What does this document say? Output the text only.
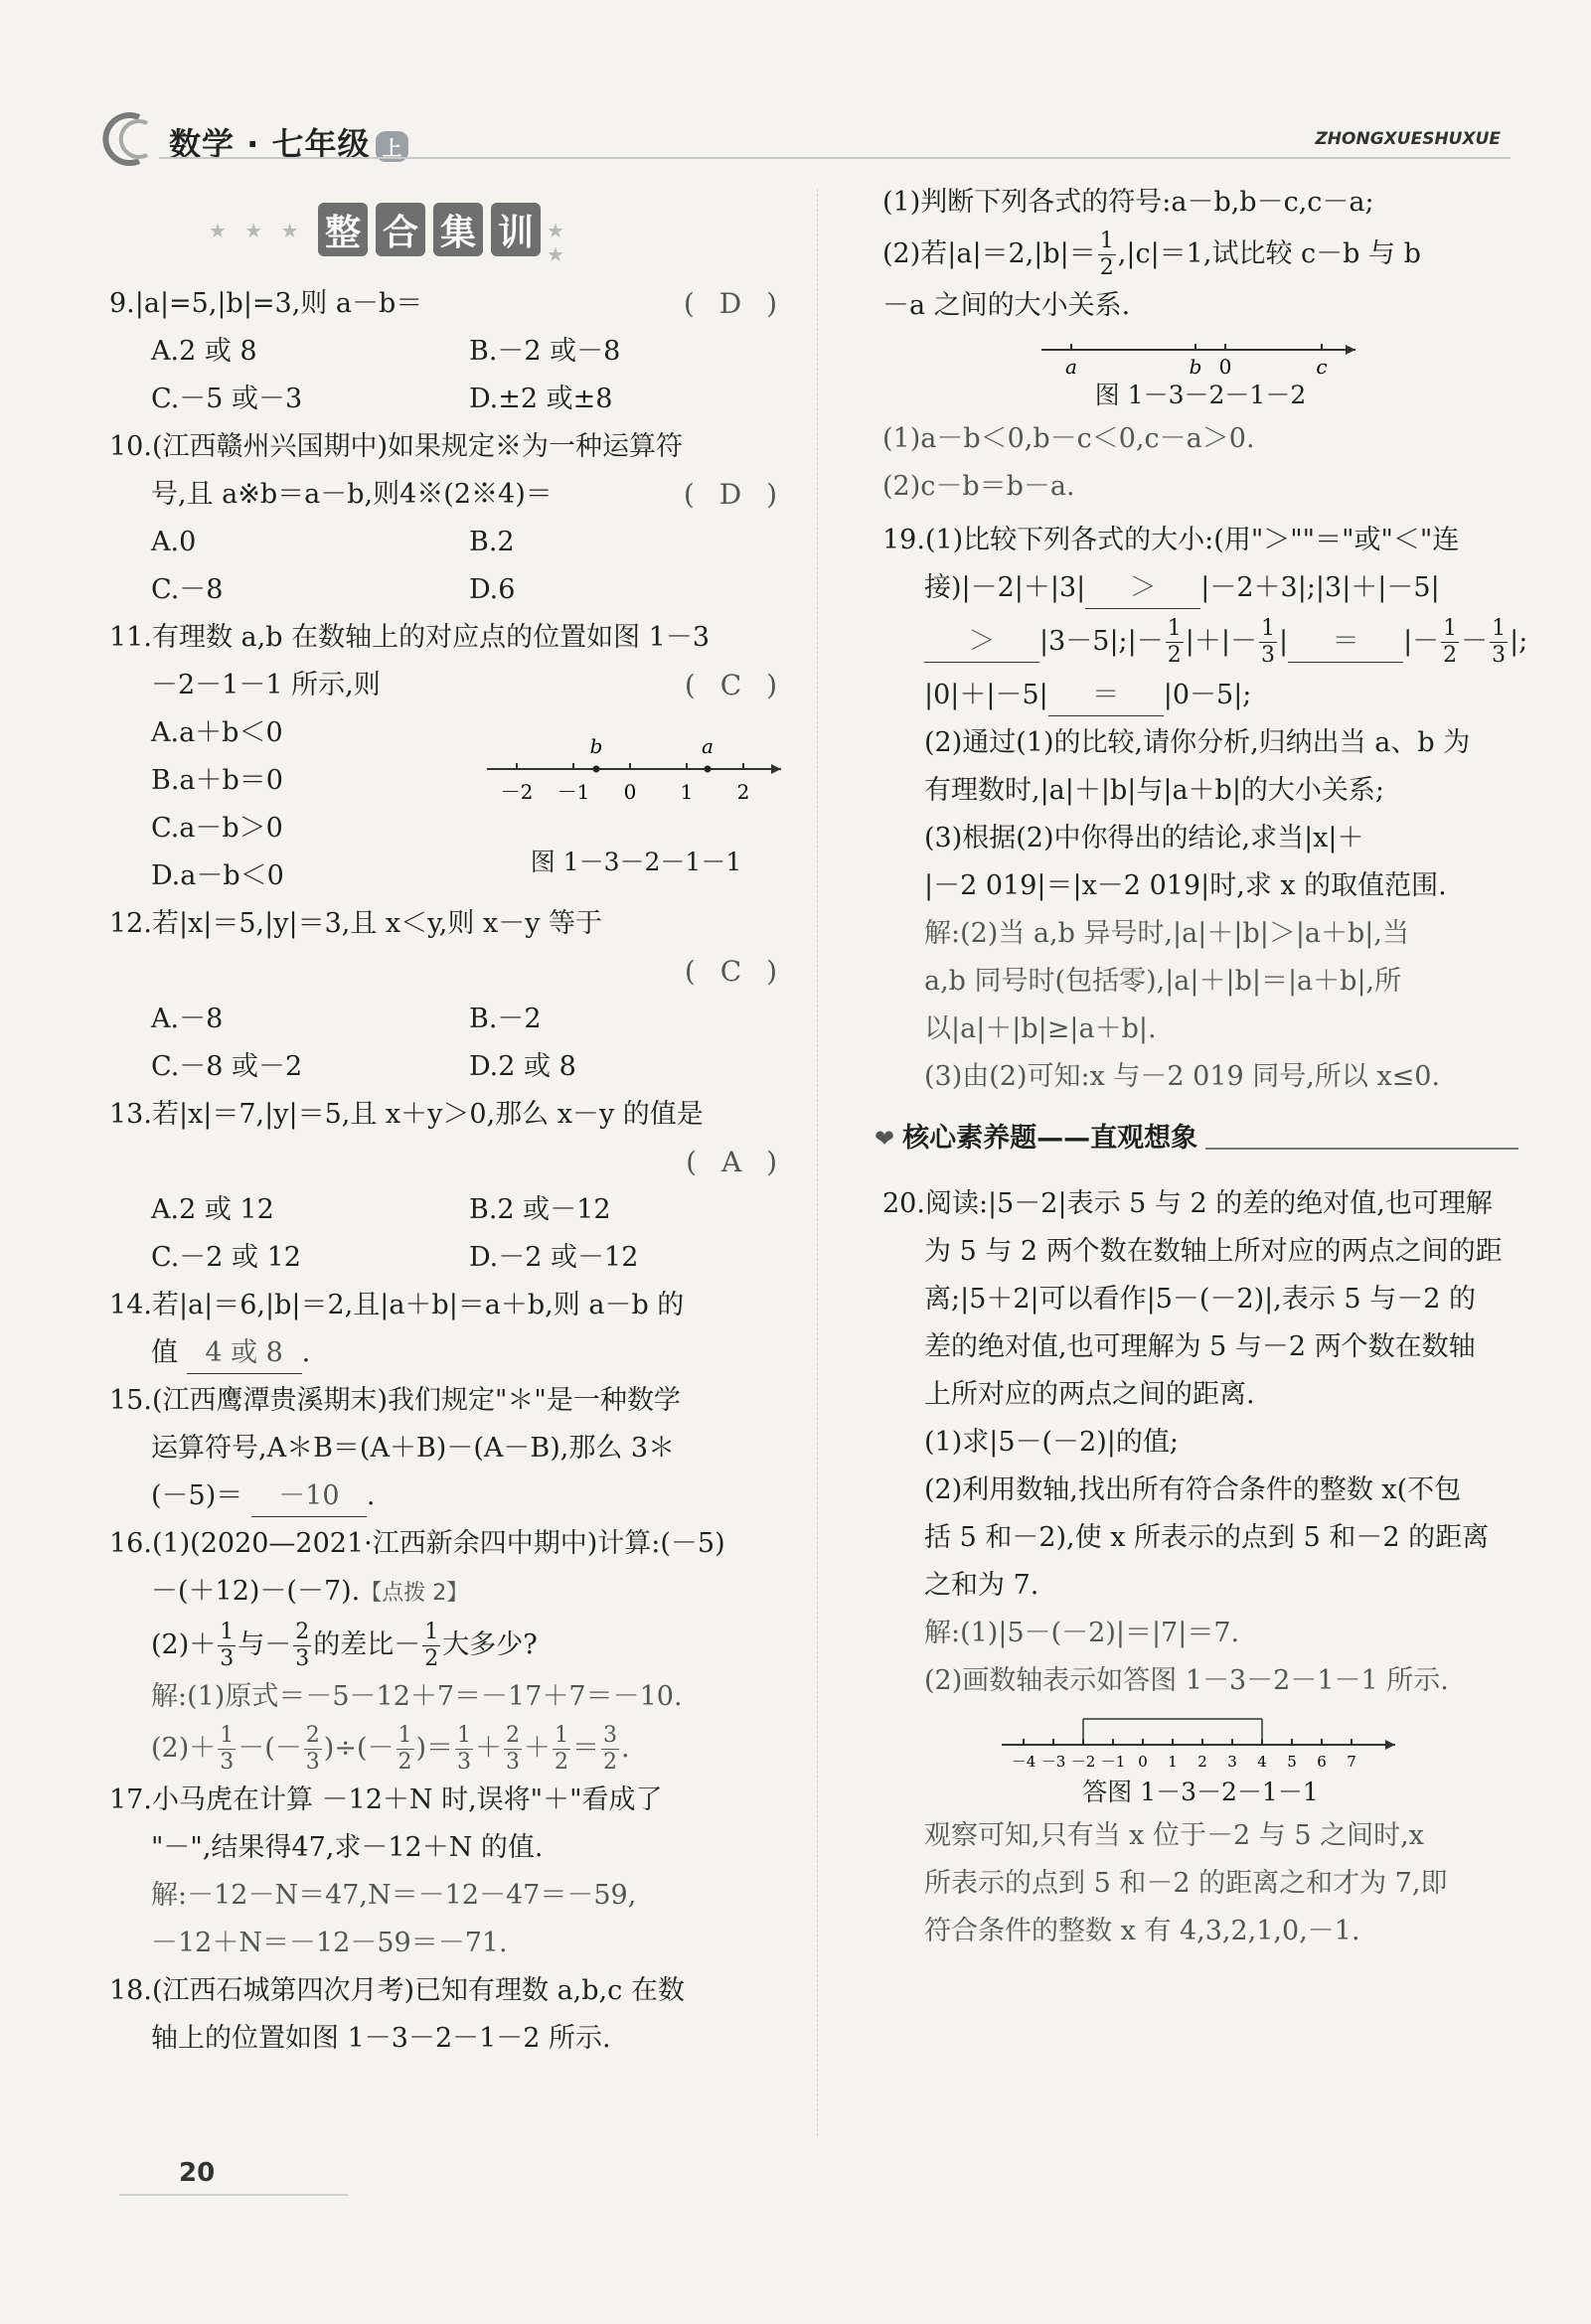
数学 · 七年级 上	ZHONGXUESHUXUE
★ ★ ★ 整 合 集 训 ★ ★
9.|a|=5,|b|=3,则 a－b＝	( D )
A.2 或 8	B.－2 或－8
C.－5 或－3	D.±2 或±8
10.(江西赣州兴国期中)如果规定※为一种运算符
号,且 a※b＝a－b,则4※(2※4)＝	( D )
A.0	B.2
C.－8	D.6
11.有理数 a,b 在数轴上的对应点的位置如图 1－3
－2－1－1 所示,则	( C )
A.a＋b＜0
B.a＋b＝0
C.a－b＞0
D.a－b＜0
－2 －1 0 1 2
b	a
图 1－3－2－1－1
12.若|x|＝5,|y|＝3,且 x＜y,则 x－y 等于
( C )
A.－8	B.－2
C.－8 或－2	D.2 或 8
13.若|x|＝7,|y|＝5,且 x＋y＞0,那么 x－y 的值是
( A )
A.2 或 12	B.2 或－12
C.－2 或 12	D.－2 或－12
14.若|a|＝6,|b|＝2,且|a＋b|＝a＋b,则 a－b 的
值 4 或 8 .
15.(江西鹰潭贵溪期末)我们规定"＊"是一种数学
运算符号,A＊B＝(A＋B)－(A－B),那么 3＊
(－5)＝ －10 .
16.(1)(2020—2021·江西新余四中期中)计算:(－5)
－(＋12)－(－7).【点拨 2】
$(2)+ \frac{1}{3}$ 与－ $\frac{2}{3}$ 的差比－ $\frac{1}{2}$ 大多少?
解:(1)原式＝－5－12＋7＝－17＋7＝－10.
$(2)+ \frac{1}{3}$ －(－ $\frac{2}{3}$ )÷(－ $\frac{1}{2}$ )＝ $\frac{1}{3} + \frac{2}{3} + \frac{1}{2} = \frac{3}{2}$ .
17.小马虎在计算 －12＋N 时,误将"＋"看成了
"－",结果得47,求－12＋N 的值.
解:－12－N＝47,N＝－12－47＝－59,
－12＋N＝－12－59＝－71.
18.(江西石城第四次月考)已知有理数 a,b,c 在数
轴上的位置如图 1－3－2－1－2 所示.
(1)判断下列各式的符号:a－b,b－c,c－a;
(2)若$|a|=2,|b|= \frac{1}{2} ,|c|=1$,试比较 c－b 与 b
－a 之间的大小关系.
a	b 0	c
图 1－3－2－1－2
(1)a－b＜0,b－c＜0,c－a＞0.
(2)c－b＝b－a.
19.(1)比较下列各式的大小:(用"＞""＝"或"＜"连
接)|－2|＋|3| ＞ |－2＋3|;|3|＋|－5|
＞ |3－5|;|－ $\frac{1}{2}$ |＋|－ $\frac{1}{3}$ | ＝ |－ $\frac{1}{2} - \frac{1}{3}$ |;
|0|＋|－5| ＝ |0－5|;
(2)通过(1)的比较,请你分析,归纳出当 a、b 为
有理数时,|a|＋|b|与|a＋b|的大小关系;
(3)根据(2)中你得出的结论,求当|x|＋
|－2 019|＝|x－2 019|时,求 x 的取值范围.
解:(2)当 a,b 异号时,|a|＋|b|＞|a＋b|,当
a,b 同号时(包括零),|a|＋|b|＝|a＋b|,所
以|a|＋|b|≥|a＋b|.
(3)由(2)可知:x 与－2 019 同号,所以 x≤0.
❤ 核心素养题——直观想象
20.阅读:|5－2|表示 5 与 2 的差的绝对值,也可理解
为 5 与 2 两个数在数轴上所对应的两点之间的距
离;|5＋2|可以看作|5－(－2)|,表示 5 与－2 的
差的绝对值,也可理解为 5 与－2 两个数在数轴
上所对应的两点之间的距离.
(1)求|5－(－2)|的值;
(2)利用数轴,找出所有符合条件的整数 x(不包
括 5 和－2),使 x 所表示的点到 5 和－2 的距离
之和为 7.
解:(1)|5－(－2)|＝|7|＝7.
(2)画数轴表示如答图 1－3－2－1－1 所示.
－4 －3 －2 －1 0 1 2 3 4 5 6 7
答图 1－3－2－1－1
观察可知,只有当 x 位于－2 与 5 之间时,x
所表示的点到 5 和－2 的距离之和才为 7,即
符合条件的整数 x 有 4,3,2,1,0,－1.
20
